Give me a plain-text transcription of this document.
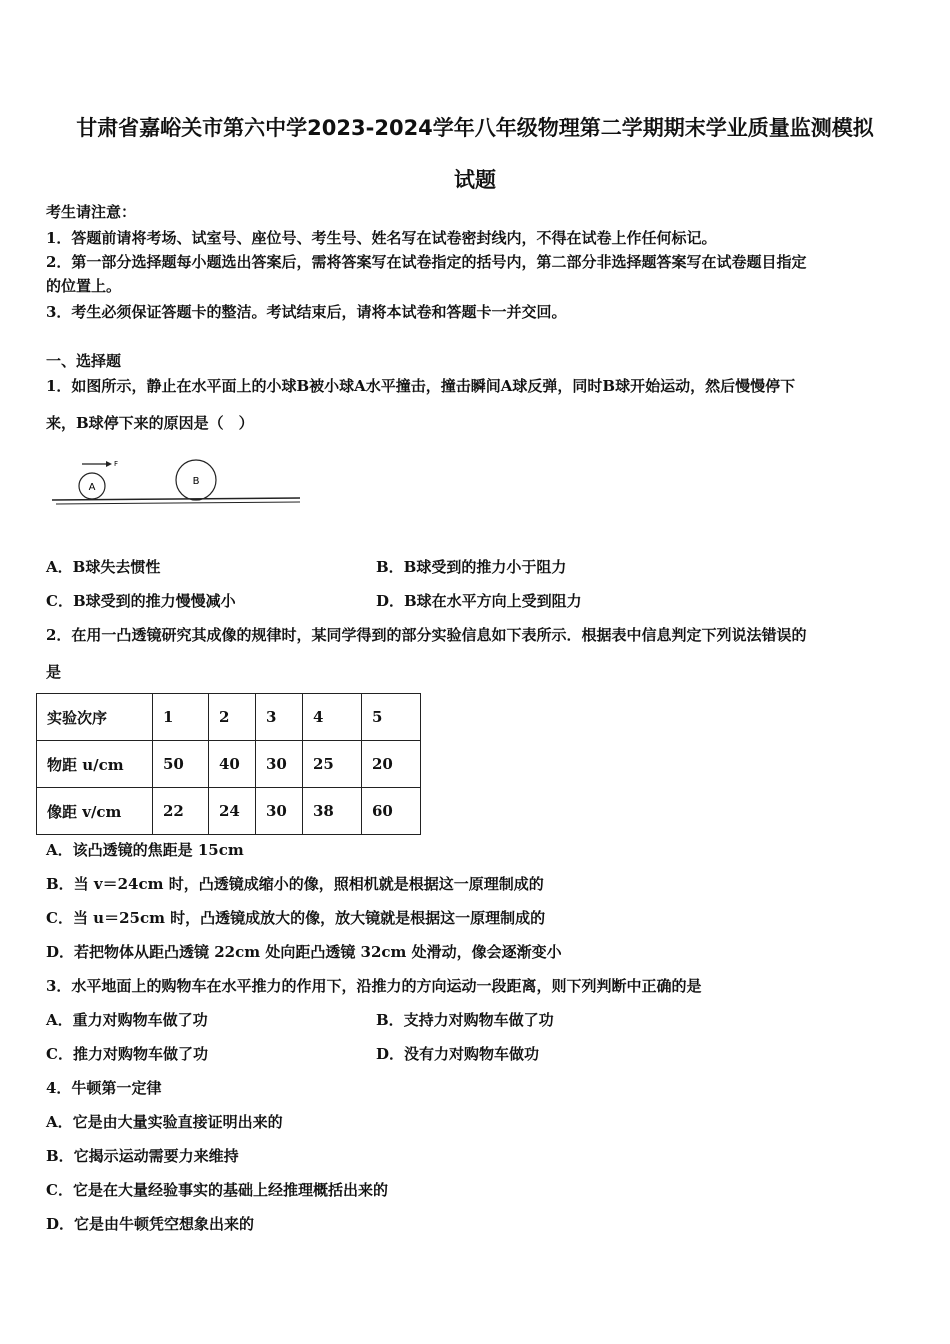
甘肃省嘉峪关市第六中学2023-2024学年八年级物理第二学期期末学业质量监测模拟
试题
考生请注意：
1．答题前请将考场、试室号、座位号、考生号、姓名写在试卷密封线内，不得在试卷上作任何标记。
2．第一部分选择题每小题选出答案后，需将答案写在试卷指定的括号内，第二部分非选择题答案写在试卷题目指定
的位置上。
3．考生必须保证答题卡的整洁。考试结束后，请将本试卷和答题卡一并交回。
一、选择题
1．如图所示，静止在水平面上的小球B被小球A水平撞击，撞击瞬间A球反弹，同时B球开始运动，然后慢慢停下
来，B球停下来的原因是（　）
A
B
F
A．B球失去惯性	B．B球受到的推力小于阻力
C．B球受到的推力慢慢减小	D．B球在水平方向上受到阻力
2．在用一凸透镜研究其成像的规律时，某同学得到的部分实验信息如下表所示．根据表中信息判定下列说法错误的
是
实验次序	1	2	3	4	5
物距 u/cm	50	40	30	25	20
像距 v/cm	22	24	30	38	60
A．该凸透镜的焦距是 15cm
B．当 v＝24cm 时，凸透镜成缩小的像，照相机就是根据这一原理制成的
C．当 u＝25cm 时，凸透镜成放大的像，放大镜就是根据这一原理制成的
D．若把物体从距凸透镜 22cm 处向距凸透镜 32cm 处滑动，像会逐渐变小
3．水平地面上的购物车在水平推力的作用下，沿推力的方向运动一段距离，则下列判断中正确的是
A．重力对购物车做了功	B．支持力对购物车做了功
C．推力对购物车做了功	D．没有力对购物车做功
4．牛顿第一定律
A．它是由大量实验直接证明出来的
B．它揭示运动需要力来维持
C．它是在大量经验事实的基础上经推理概括出来的
D．它是由牛顿凭空想象出来的
